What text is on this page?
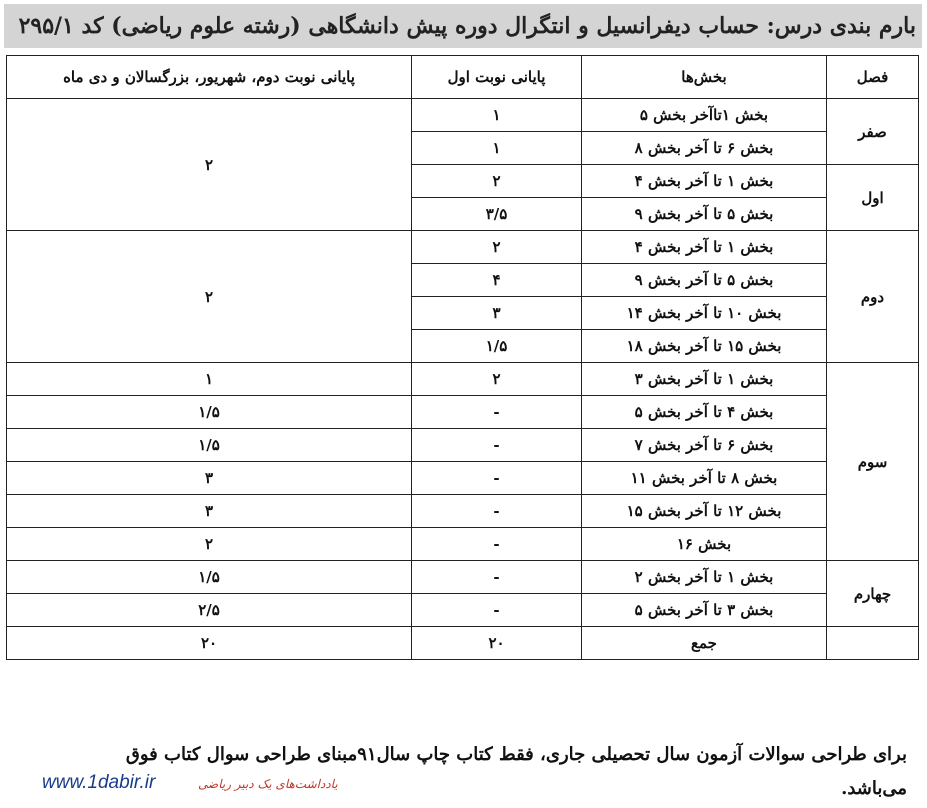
بارم بندی درس: حساب دیفرانسیل و انتگرال دوره پیش دانشگاهی (رشته علوم ریاضی) کد ۲۹۵/۱
فصل	بخش‌ها	پایانی نوبت اول	پایانی نوبت دوم، شهریور، بزرگسالان و دی ماه
صفر	بخش ۱تاآخر بخش ۵	۱	۲
	بخش ۶ تا آخر بخش ۸	۱	
اول	بخش ۱ تا آخر بخش ۴	۲	
	بخش ۵ تا آخر بخش ۹	۳/۵	
دوم	بخش ۱ تا آخر بخش ۴	۲	۲
	بخش ۵ تا آخر بخش ۹	۴	
	بخش ۱۰ تا آخر بخش ۱۴	۳	
	بخش ۱۵ تا آخر بخش ۱۸	۱/۵	
سوم	بخش ۱ تا آخر بخش ۳	۲	۱
	بخش ۴ تا آخر بخش ۵	-	۱/۵
	بخش ۶ تا آخر بخش ۷	-	۱/۵
	بخش ۸ تا آخر بخش ۱۱	-	۳
	بخش ۱۲ تا آخر بخش ۱۵	-	۳
	بخش ۱۶	-	۲
چهارم	بخش ۱ تا آخر بخش ۲	-	۱/۵
	بخش ۳ تا آخر بخش ۵	-	۲/۵
	جمع	۲۰	۲۰
برای طراحی سوالات آزمون سال تحصیلی جاری، فقط کتاب چاپ سال۹۱مبنای طراحی سوال کتاب فوق
می‌باشد.
www.1dabir.ir	یادداشت‌های یک دبیر ریاضی
